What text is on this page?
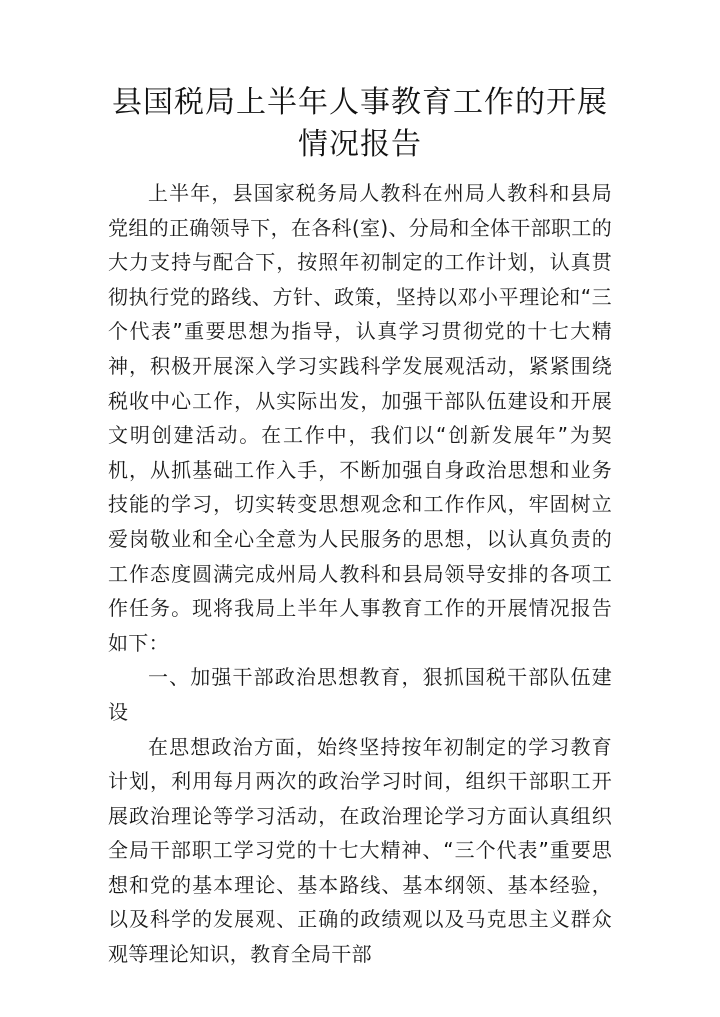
县国税局上半年人事教育工作的开展情况报告

上半年，县国家税务局人教科在州局人教科和县局党组的正确领导下，在各科(室)、分局和全体干部职工的大力支持与配合下，按照年初制定的工作计划，认真贯彻执行党的路线、方针、政策，坚持以邓小平理论和“三个代表”重要思想为指导，认真学习贯彻党的十七大精神，积极开展深入学习实践科学发展观活动，紧紧围绕税收中心工作，从实际出发，加强干部队伍建设和开展文明创建活动。在工作中，我们以“创新发展年”为契机，从抓基础工作入手，不断加强自身政治思想和业务技能的学习，切实转变思想观念和工作作风，牢固树立爱岗敬业和全心全意为人民服务的思想，以认真负责的工作态度圆满完成州局人教科和县局领导安排的各项工作任务。现将我局上半年人事教育工作的开展情况报告如下：

一、加强干部政治思想教育，狠抓国税干部队伍建设

在思想政治方面，始终坚持按年初制定的学习教育计划，利用每月两次的政治学习时间，组织干部职工开展政治理论等学习活动，在政治理论学习方面认真组织全局干部职工学习党的十七大精神、“三个代表”重要思想和党的基本理论、基本路线、基本纲领、基本经验，以及科学的发展观、正确的政绩观以及马克思主义群众观等理论知识，教育全局干部
